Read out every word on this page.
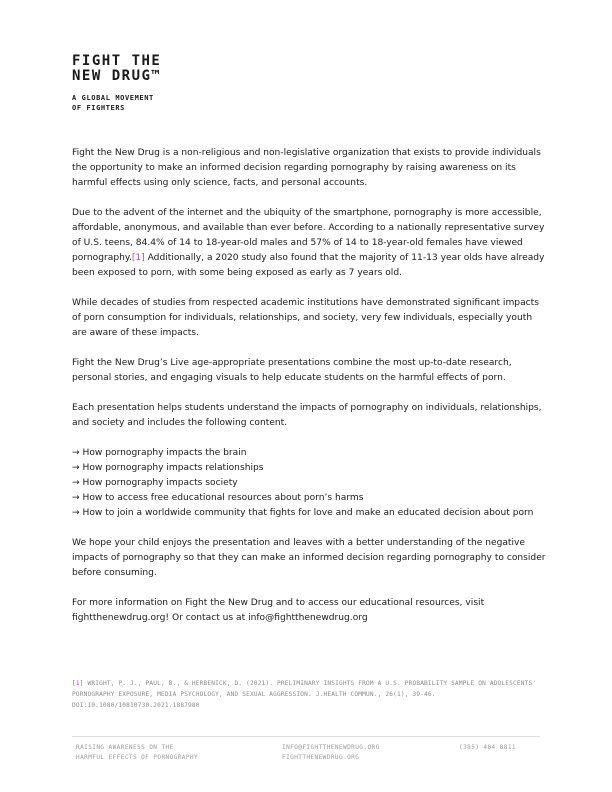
FIGHT THE
NEW DRUG™
A GLOBAL MOVEMENT
OF FIGHTERS

Fight the New Drug is a non-religious and non-legislative organization that exists to provide individuals the opportunity to make an informed decision regarding pornography by raising awareness on its harmful effects using only science, facts, and personal accounts.

Due to the advent of the internet and the ubiquity of the smartphone, pornography is more accessible, affordable, anonymous, and available than ever before. According to a nationally representative survey of U.S. teens, 84.4% of 14 to 18-year-old males and 57% of 14 to 18-year-old females have viewed pornography.[1] Additionally, a 2020 study also found that the majority of 11-13 year olds have already been exposed to porn, with some being exposed as early as 7 years old.

While decades of studies from respected academic institutions have demonstrated significant impacts of porn consumption for individuals, relationships, and society, very few individuals, especially youth are aware of these impacts.

Fight the New Drug’s Live age-appropriate presentations combine the most up-to-date research, personal stories, and engaging visuals to help educate students on the harmful effects of porn.

Each presentation helps students understand the impacts of pornography on individuals, relationships, and society and includes the following content.

→ How pornography impacts the brain
→ How pornography impacts relationships
→ How pornography impacts society
→ How to access free educational resources about porn’s harms
→ How to join a worldwide community that fights for love and make an educated decision about porn

We hope your child enjoys the presentation and leaves with a better understanding of the negative impacts of pornography so that they can make an informed decision regarding pornography to consider before consuming.

For more information on Fight the New Drug and to access our educational resources, visit fightthenewdrug.org! Or contact us at info@fightthenewdrug.org

[1] WRIGHT, P. J., PAUL, B., & HERBENICK, D. (2021). PRELIMINARY INSIGHTS FROM A U.S. PROBABILITY SAMPLE ON ADOLESCENTS' PORNOGRAPHY EXPOSURE, MEDIA PSYCHOLOGY, AND SEXUAL AGGRESSION. J.HEALTH COMMUN., 26(1), 39-46. DOI:10.1080/10810730.2021.1887980
RAISING AWARENESS ON THE
HARMFUL EFFECTS OF PORNOGRAPHY
INFO@FIGHTTHENEWDRUG.ORG
FIGHTTHENEWDRUG.ORG
(385) 404 8811
